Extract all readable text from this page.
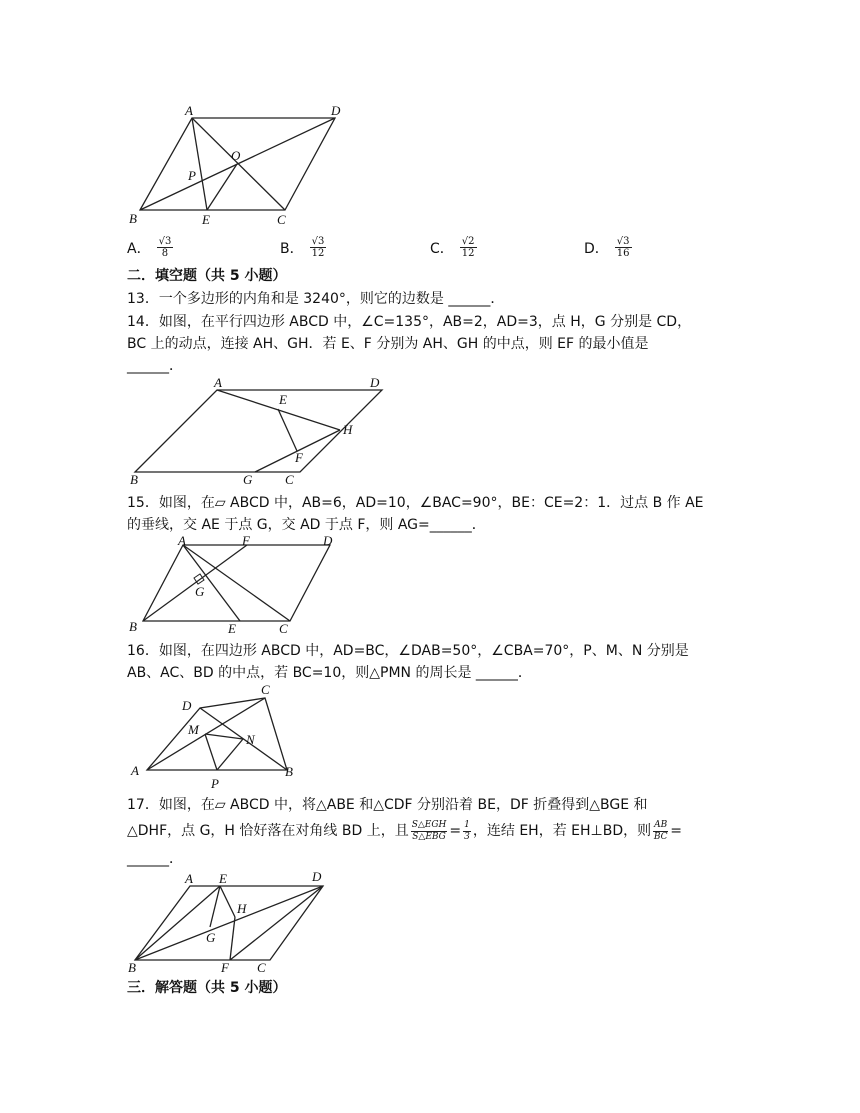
A	D
O
P
B	E	C
A． $\frac{√3}{8}$	B． $\frac{√3}{12}$	C． $\frac{√2}{12}$	D． $\frac{√3}{16}$
二．填空题（共 5 小题）
13．一个多边形的内角和是 3240°，则它的边数是 ______．
14．如图，在平行四边形 ABCD 中，∠C=135°，AB=2，AD=3，点 H，G 分别是 CD，
BC 上的动点，连接 AH、GH．若 E、F 分别为 AH、GH 的中点，则 EF 的最小值是
______．
A	D
E
H
F
B	G	C
15．如图，在▱ ABCD 中，AB=6，AD=10，∠BAC=90°，BE：CE=2：1．过点 B 作 AE
的垂线，交 AE 于点 G，交 AD 于点 F，则 AG=______．
A	F	D
G
B	E	C
16．如图，在四边形 ABCD 中，AD=BC，∠DAB=50°，∠CBA=70°，P、M、N 分别是
AB、AC、BD 的中点，若 BC=10，则△PMN 的周长是 ______．
C
D
M
N
A
P
B
17．如图，在▱ ABCD 中，将△ABE 和△CDF 分别沿着 BE，DF 折叠得到△BGE 和
△DHF，点 G，H 恰好落在对角线 BD 上，且 S△EGH
S△EBG = $\frac{1}{3}$ ，连结 EH，若 EH⊥BD，则 $\frac{AB}{BC}$ =
______．
A E	D
H
G
B	F C
三．解答题（共 5 小题）
